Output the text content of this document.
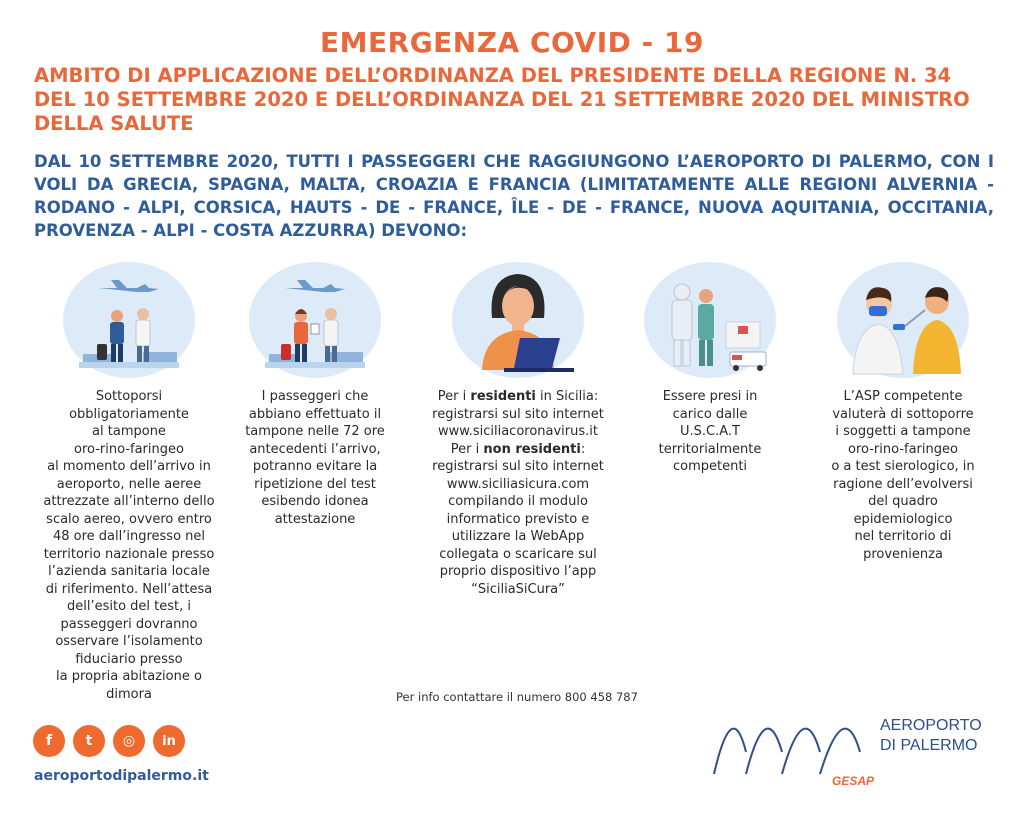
EMERGENZA COVID - 19
AMBITO DI APPLICAZIONE DELL’ORDINANZA DEL PRESIDENTE DELLA REGIONE N. 34 DEL 10 SETTEMBRE 2020 E DELL’ORDINANZA DEL 21 SETTEMBRE 2020 DEL MINISTRO DELLA SALUTE
DAL 10 SETTEMBRE 2020, TUTTI I PASSEGGERI CHE RAGGIUNGONO L’AEROPORTO DI PALERMO, CON I VOLI DA GRECIA, SPAGNA, MALTA, CROAZIA E FRANCIA (LIMITATAMENTE ALLE REGIONI ALVERNIA - RODANO - ALPI, CORSICA, HAUTS - DE - FRANCE, ÎLE - DE - FRANCE, NUOVA AQUITANIA, OCCITANIA, PROVENZA - ALPI - COSTA AZZURRA) DEVONO:

Sottoporsi

obbligatoriamente

al tampone

oro-rino-faringeo

al momento dell’arrivo in

aeroporto, nelle aeree

attrezzate all’interno dello

scalo aereo, ovvero entro

48 ore dall’ingresso nel

territorio nazionale presso

l’azienda sanitaria locale

di riferimento. Nell’attesa

dell’esito del test, i

passeggeri dovranno

osservare l’isolamento

fiduciario presso

la propria abitazione o

dimora

I passeggeri che

abbiano effettuato il

tampone nelle 72 ore

antecedenti l’arrivo,

potranno evitare la

ripetizione del test

esibendo idonea

attestazione

Per i residenti in Sicilia:

registrarsi sul sito internet

www.siciliacoronavirus.it

Per i non residenti:

registrarsi sul sito internet

www.siciliasicura.com

compilando il modulo

informatico previsto e

utilizzare la WebApp

collegata o scaricare sul

proprio dispositivo l’app

“SiciliaSiCura”

Essere presi in

carico dalle

U.S.C.A.T

territorialmente

competenti

L’ASP competente

valuterà di sottoporre

i soggetti a tampone

oro-rino-faringeo

o a test sierologico, in

ragione dell’evolversi

del quadro

epidemiologico

nel territorio di

provenienza

Per info contattare il numero 800 458 787
f	t	◎	in
aeroportodipalermo.it
AEROPORTO
DI PALERMO
GESAP
